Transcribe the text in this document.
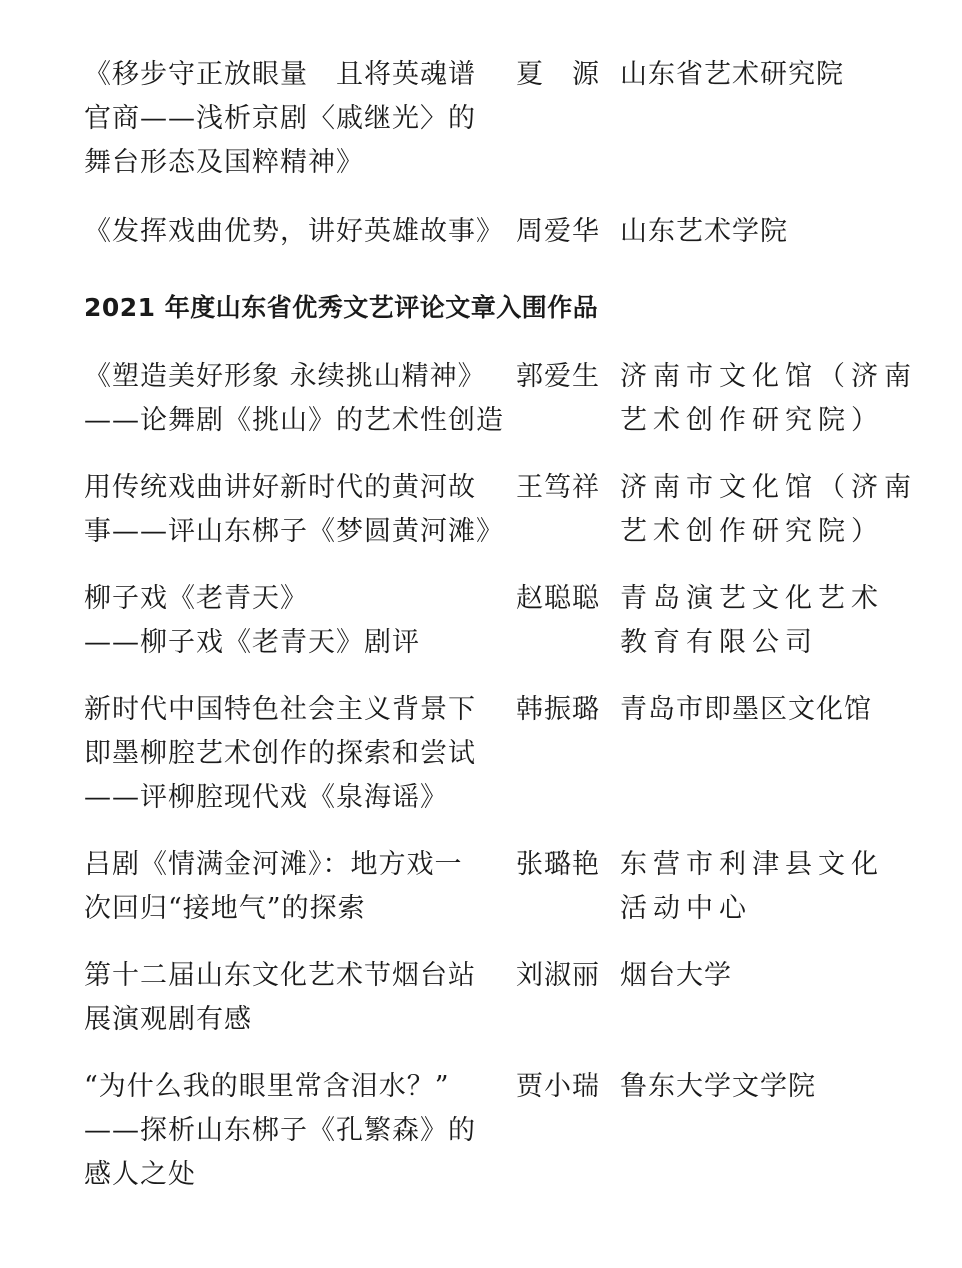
《移步守正放眼量　且将英魂谱
官商——浅析京剧〈戚继光〉的
舞台形态及国粹精神》
夏　源 山东省艺术研究院
《发挥戏曲优势，讲好英雄故事》 周爱华 山东艺术学院
2021 年度山东省优秀文艺评论文章入围作品
《塑造美好形象 永续挑山精神》
——论舞剧《挑山》的艺术性创造
郭爱生 济南市文化馆（济南
艺术创作研究院）
用传统戏曲讲好新时代的黄河故
事——评山东梆子《梦圆黄河滩》
王笃祥 济南市文化馆（济南
艺术创作研究院）
柳子戏《老青天》
——柳子戏《老青天》剧评
赵聪聪 青岛演艺文化艺术
教育有限公司
新时代中国特色社会主义背景下
即墨柳腔艺术创作的探索和尝试
——评柳腔现代戏《泉海谣》
韩振璐 青岛市即墨区文化馆
吕剧《情满金河滩》：地方戏一
次回归“接地气”的探索
张璐艳 东营市利津县文化
活动中心
第十二届山东文化艺术节烟台站
展演观剧有感
刘淑丽 烟台大学
“为什么我的眼里常含泪水？”
——探析山东梆子《孔繁森》的
感人之处
贾小瑞 鲁东大学文学院
